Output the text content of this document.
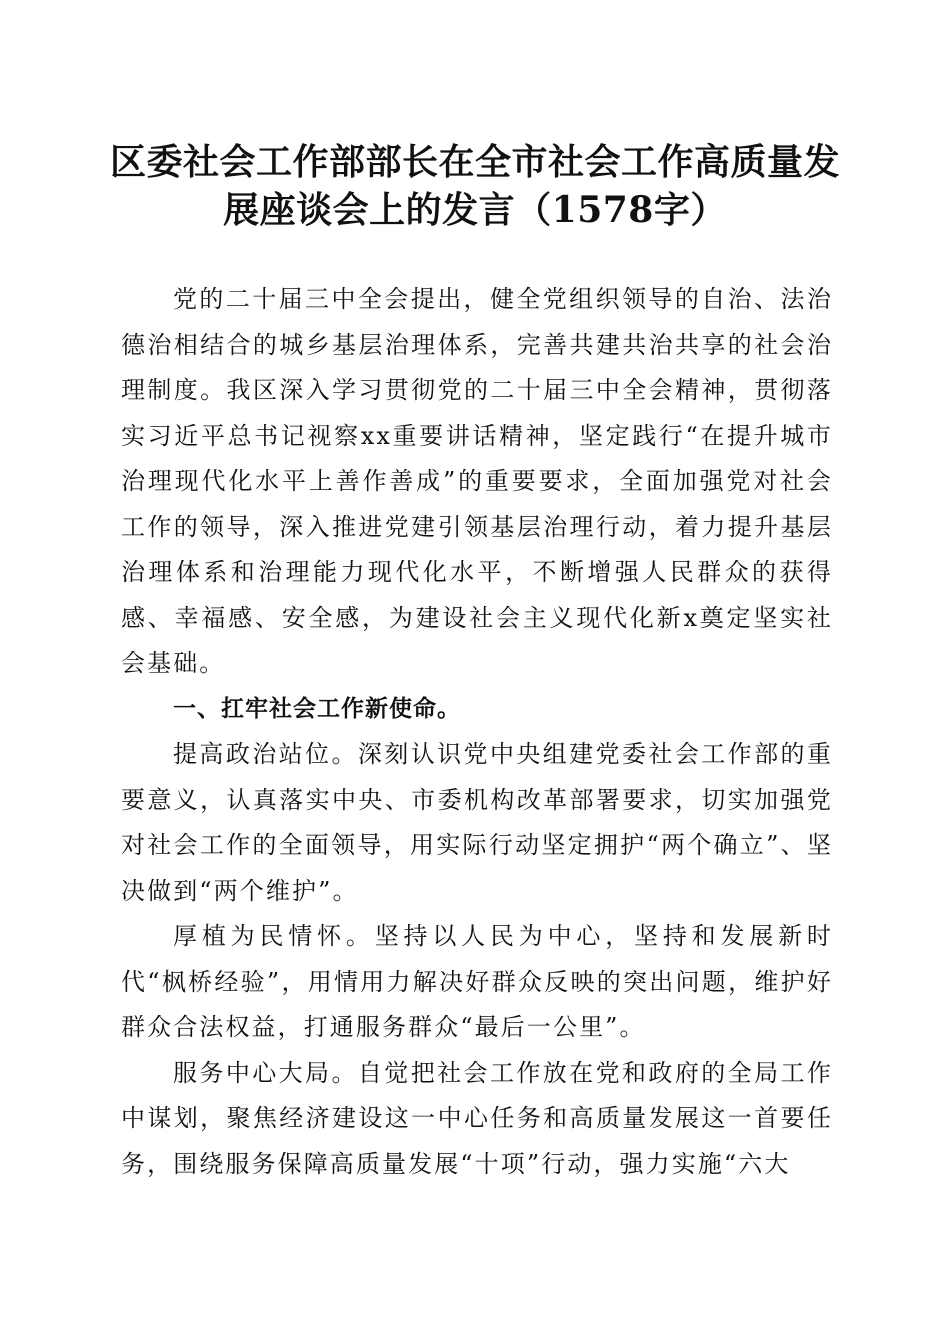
区委社会工作部部长在全市社会工作高质量发
展座谈会上的发言（1578字）

党的二十届三中全会提出，健全党组织领导的自治、法治德治相结合的城乡基层治理体系，完善共建共治共享的社会治理制度。我区深入学习贯彻党的二十届三中全会精神，贯彻落实习近平总书记视察xx重要讲话精神，坚定践行“在提升城市治理现代化水平上善作善成”的重要要求，全面加强党对社会工作的领导，深入推进党建引领基层治理行动，着力提升基层治理体系和治理能力现代化水平，不断增强人民群众的获得感、幸福感、安全感，为建设社会主义现代化新x奠定坚实社会基础。

一、扛牢社会工作新使命。

提高政治站位。深刻认识党中央组建党委社会工作部的重要意义，认真落实中央、市委机构改革部署要求，切实加强党对社会工作的全面领导，用实际行动坚定拥护“两个确立”、坚决做到“两个维护”。

厚植为民情怀。坚持以人民为中心，坚持和发展新时代“枫桥经验”，用情用力解决好群众反映的突出问题，维护好群众合法权益，打通服务群众“最后一公里”。

服务中心大局。自觉把社会工作放在党和政府的全局工作中谋划，聚焦经济建设这一中心任务和高质量发展这一首要任务，围绕服务保障高质量发展“十项”行动，强力实施“六大
